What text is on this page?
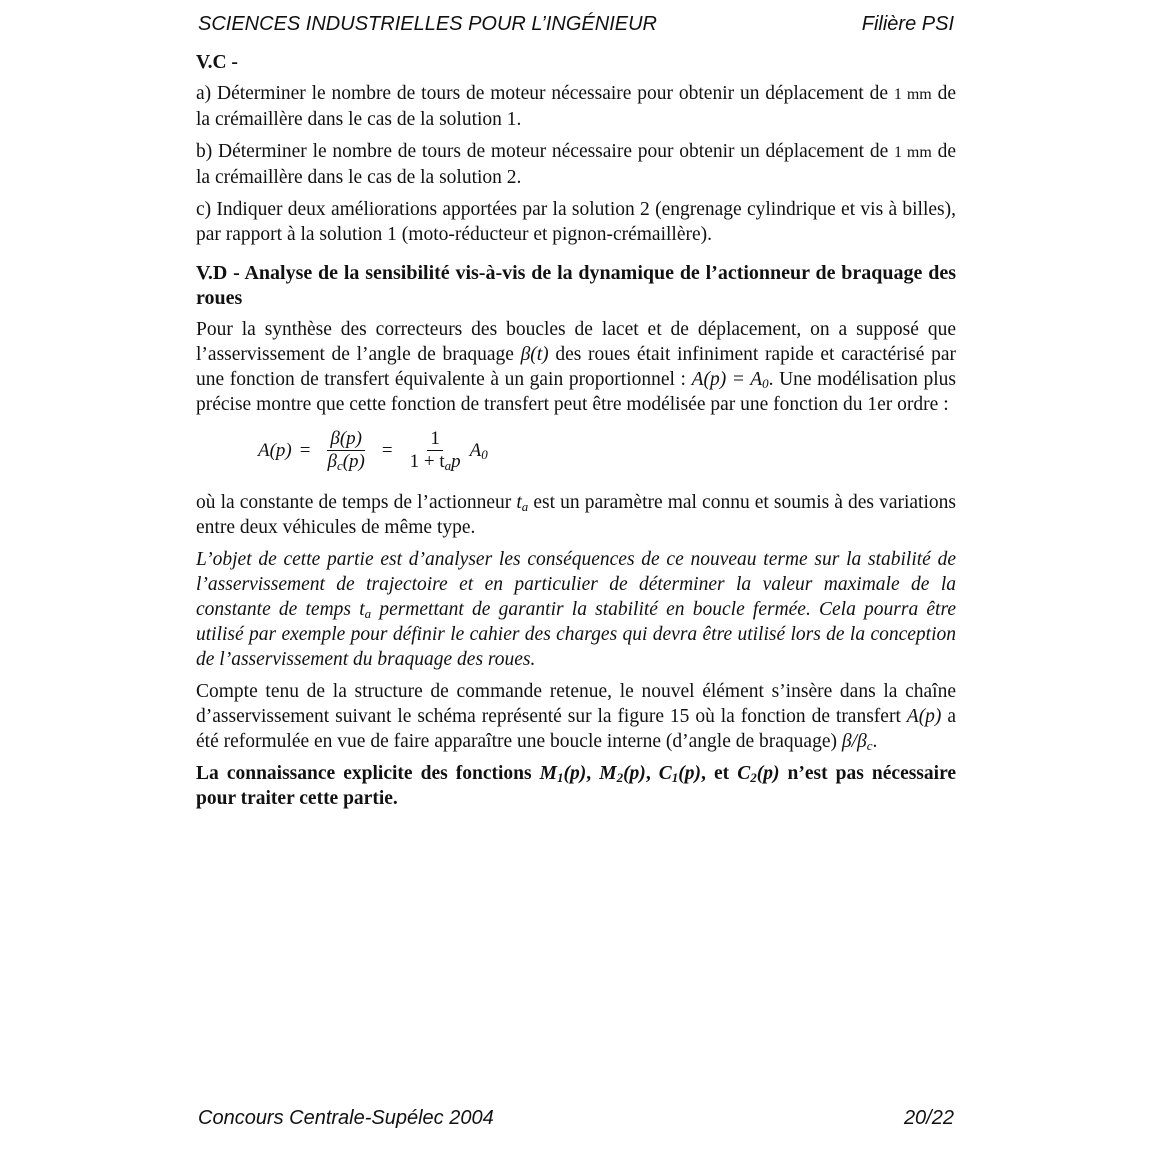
SCIENCES INDUSTRIELLES POUR L’INGÉNIEUR	Filière PSI

V.C -

a) Déterminer le nombre de tours de moteur nécessaire pour obtenir un déplacement de 1 mm de la crémaillère dans le cas de la solution 1.

b) Déterminer le nombre de tours de moteur nécessaire pour obtenir un déplacement de 1 mm de la crémaillère dans le cas de la solution 2.

c) Indiquer deux améliorations apportées par la solution 2 (engrenage cylindrique et vis à billes), par rapport à la solution 1 (moto-réducteur et pignon-crémaillère).

V.D - Analyse de la sensibilité vis-à-vis de la dynamique de l’actionneur de braquage des roues

Pour la synthèse des correcteurs des boucles de lacet et de déplacement, on a supposé que l’asservissement de l’angle de braquage β(t) des roues était infiniment rapide et caractérisé par une fonction de transfert équivalente à un gain proportionnel : $A(p) = A_0$. Une modélisation plus précise montre que cette fonction de transfert peut être modélisée par une fonction du 1er ordre :

$A(p) = \frac{\beta(p)}{\beta_c(p)} = \frac{1}{1 + t_ap} A_0$

où la constante de temps de l’actionneur $t_a$ est un paramètre mal connu et soumis à des variations entre deux véhicules de même type.

L’objet de cette partie est d’analyser les conséquences de ce nouveau terme sur la stabilité de l’asservissement de trajectoire et en particulier de déterminer la valeur maximale de la constante de temps $t_a$ permettant de garantir la stabilité en boucle fermée. Cela pourra être utilisé par exemple pour définir le cahier des charges qui devra être utilisé lors de la conception de l’asservissement du braquage des roues.

Compte tenu de la structure de commande retenue, le nouvel élément s’insère dans la chaîne d’asservissement suivant le schéma représenté sur la figure 15 où la fonction de transfert A(p) a été reformulée en vue de faire apparaître une boucle interne (d’angle de braquage) $\beta/\beta_c$.

La connaissance explicite des fonctions $M_1(p)$, $M_2(p)$, $C_1(p)$, et $C_2(p)$ n’est pas nécessaire pour traiter cette partie.

Concours Centrale-Supélec 2004	20/22
